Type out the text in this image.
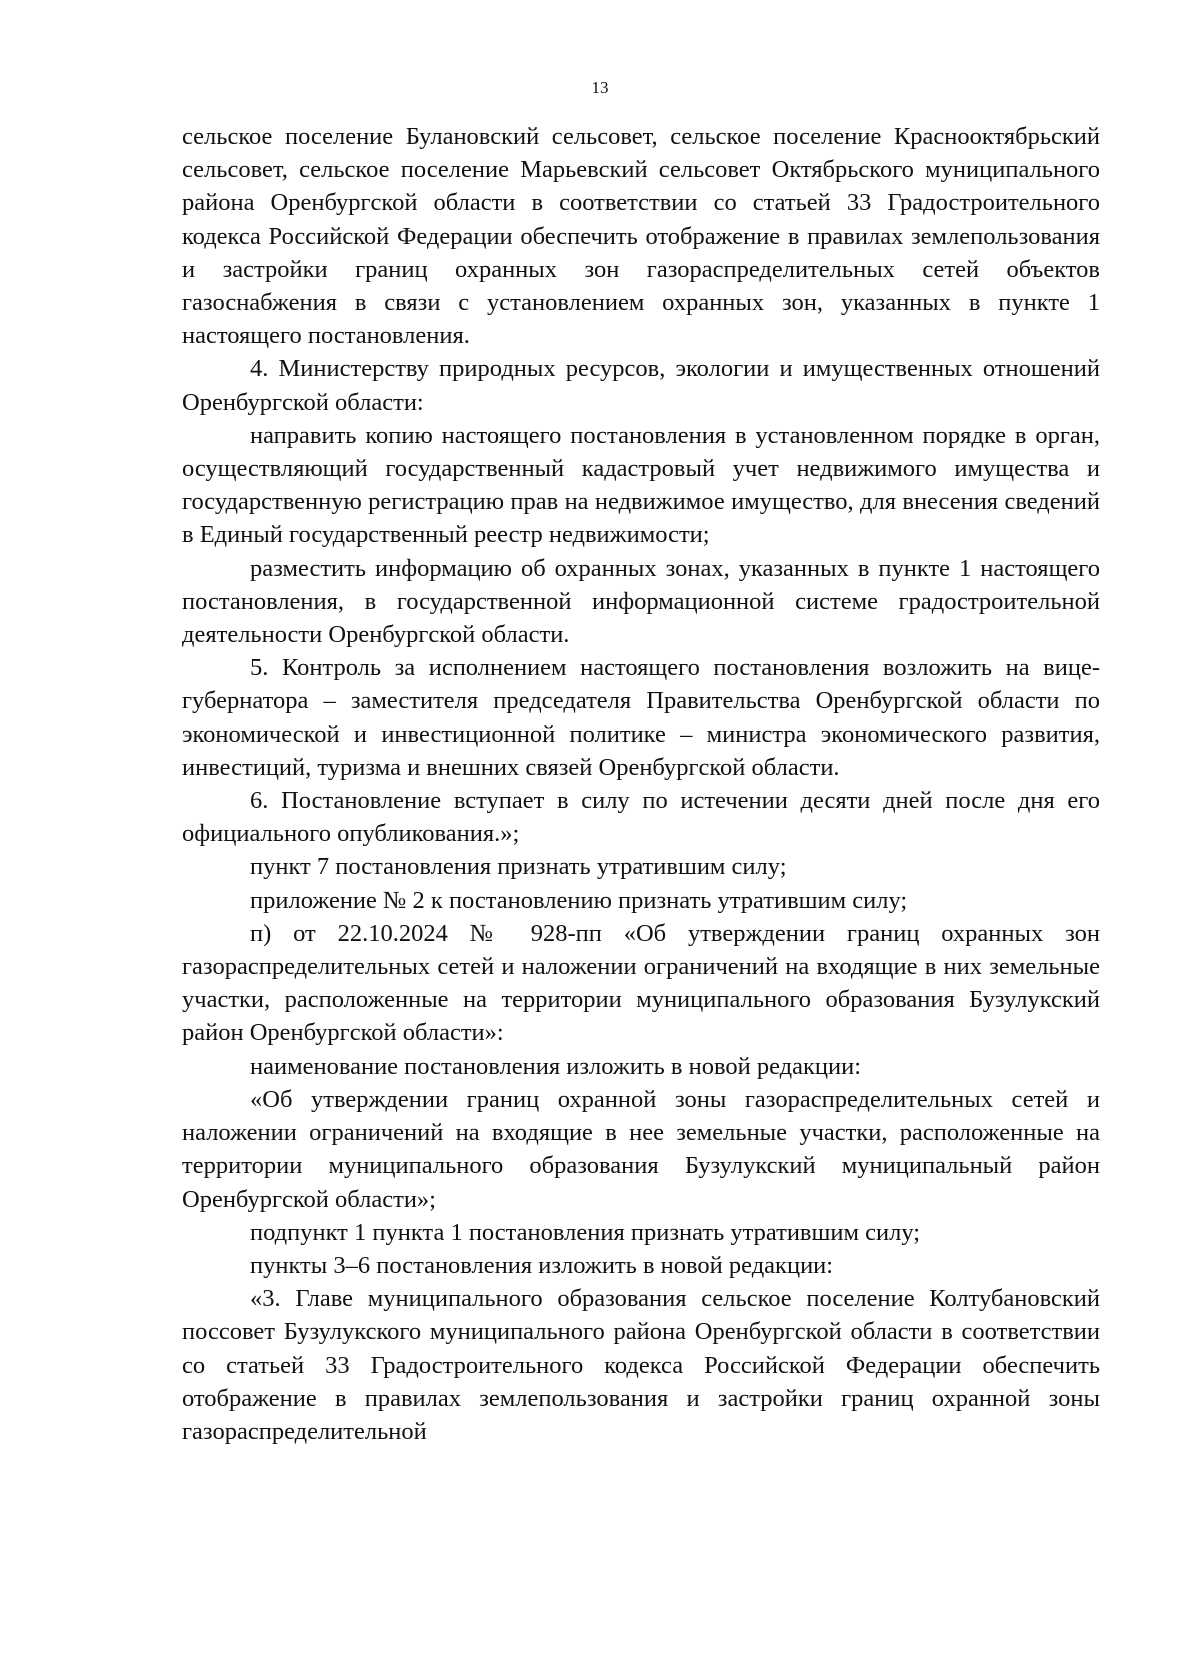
13

сельское поселение Булановский сельсовет, сельское поселение Краснооктябрьский сельсовет, сельское поселение Марьевский сельсовет Октябрьского муниципального района Оренбургской области в соответствии со статьей 33 Градостроительного кодекса Российской Федерации обеспечить отображение в правилах землепользования и застройки границ охранных зон газораспределительных сетей объектов газоснабжения в связи с установлением охранных зон, указанных в пункте 1 настоящего постановления.

4. Министерству природных ресурсов, экологии и имущественных отношений Оренбургской области:

направить копию настоящего постановления в установленном порядке в орган, осуществляющий государственный кадастровый учет недвижимого имущества и государственную регистрацию прав на недвижимое имущество, для внесения сведений в Единый государственный реестр недвижимости;

разместить информацию об охранных зонах, указанных в пункте 1 настоящего постановления, в государственной информационной системе градостроительной деятельности Оренбургской области.

5. Контроль за исполнением настоящего постановления возложить на вице-губернатора – заместителя председателя Правительства Оренбургской области по экономической и инвестиционной политике – министра экономического развития, инвестиций, туризма и внешних связей Оренбургской области.

6. Постановление вступает в силу по истечении десяти дней после дня его официального опубликования.»;

пункт 7 постановления признать утратившим силу;

приложение № 2 к постановлению признать утратившим силу;

п) от 22.10.2024 № 928-пп «Об утверждении границ охранных зон газораспределительных сетей и наложении ограничений на входящие в них земельные участки, расположенные на территории муниципального образования Бузулукский район Оренбургской области»:

наименование постановления изложить в новой редакции:

«Об утверждении границ охранной зоны газораспределительных сетей и наложении ограничений на входящие в нее земельные участки, расположенные на территории муниципального образования Бузулукский муниципальный район Оренбургской области»;

подпункт 1 пункта 1 постановления признать утратившим силу;

пункты 3–6 постановления изложить в новой редакции:

«3. Главе муниципального образования сельское поселение Колтубановский поссовет Бузулукского муниципального района Оренбургской области в соответствии со статьей 33 Градостроительного кодекса Российской Федерации обеспечить отображение в правилах землепользования и застройки границ охранной зоны газораспределительной
